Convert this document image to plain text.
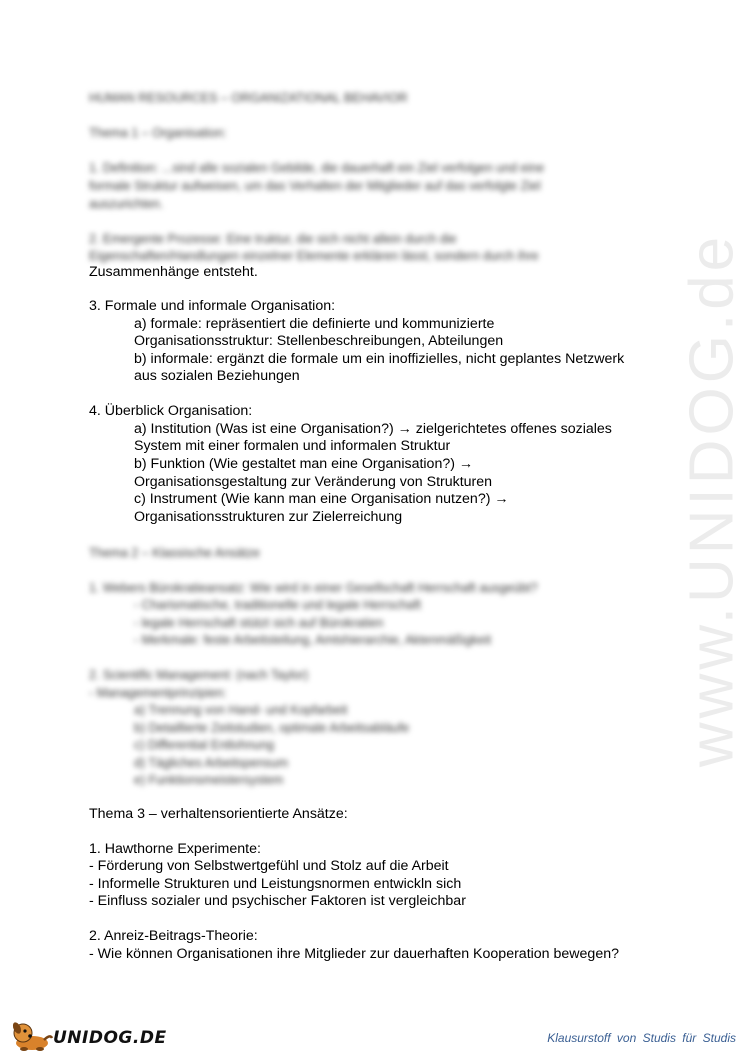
www.UNIDOG.de
HUMAN RESOURCES – ORGANIZATIONAL BEHAVIOR
Thema 1 – Organisation:
1. Definition: ...sind alle sozialen Gebilde, die dauerhaft ein Ziel verfolgen und eine
formale Struktur aufweisen, um das Verhalten der Mitglieder auf das verfolgte Ziel
auszurichten.
2. Emergente Prozesse: Eine truktur, die sich nicht allein durch die
Eigenschaften/Handlungen einzelner Elemente erklären lässt, sondern durch ihre
Zusammenhänge entsteht.
3. Formale und informale Organisation:
a) formale: repräsentiert die definierte und kommunizierte
Organisationsstruktur: Stellenbeschreibungen, Abteilungen
b) informale: ergänzt die formale um ein inoffizielles, nicht geplantes Netzwerk
aus sozialen Beziehungen
4. Überblick Organisation:
a) Institution (Was ist eine Organisation?) → zielgerichtetes offenes soziales
System mit einer formalen und informalen Struktur
b) Funktion (Wie gestaltet man eine Organisation?) →
Organisationsgestaltung zur Veränderung von Strukturen
c) Instrument (Wie kann man eine Organisation nutzen?) →
Organisationsstrukturen zur Zielerreichung
Thema 2 – Klassische Ansätze
1. Webers Bürokratieansatz: Wie wird in einer Gesellschaft Herrschaft ausgeübt?
- Charismatische, traditionelle und legale Herrschaft
- legale Herrschaft stützt sich auf Bürokratien
- Merkmale: feste Arbeitsteilung, Amtshierarchie, Aktenmäßigkeit
2. Scientific Management: (nach Taylor)
- Managementprinzipien:
a) Trennung von Hand- und Kopfarbeit
b) Detaillierte Zeitstudien, optimale Arbeitsabläufe
c) Differential Entlohnung
d) Tägliches Arbeitspensum
e) Funktionsmeistersystem
Thema 3 – verhaltensorientierte Ansätze:
1. Hawthorne Experimente:
- Förderung von Selbstwertgefühl und Stolz auf die Arbeit
- Informelle Strukturen und Leistungsnormen entwickln sich
- Einfluss sozialer und psychischer Faktoren ist vergleichbar
2. Anreiz-Beitrags-Theorie:
- Wie können Organisationen ihre Mitglieder zur dauerhaften Kooperation bewegen?
UNIDOG.DE	Klausurstoff von Studis für Studis
